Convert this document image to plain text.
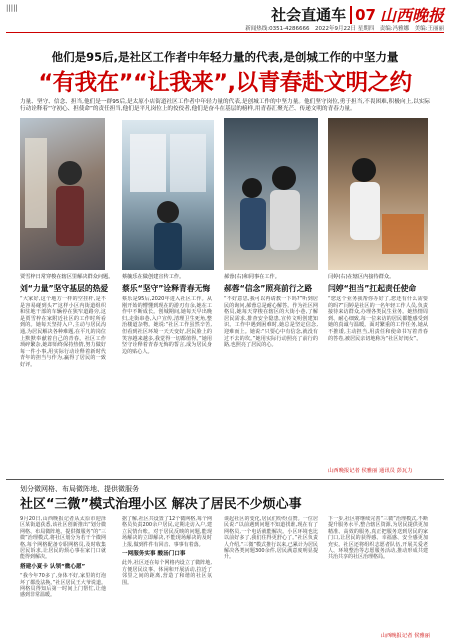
|||||	社会直通车 07 山西晚报
新闻热线:0351-4286666　2022年9月22日 星期四　责编:冯雅娜　美编:王丽丽
他们是95后,是社区工作者中年轻力量的代表,是创城工作的中坚力量
“有我在”“让我来”,以青春赴文明之约
力量、坚守、信念、担当,他们是一群95后,是太原小店街道社区工作者中年轻力量的代表,是创城工作的中坚力量。他们坚守岗位,勇于担当,不畏困难,积极向上,以实际行动诠释着“守初心、担使命”的责任担当,他们是平凡岗位上的佼佼者,他们是奋斗在基层的榜样,用青春汇聚光芒、传递文明的青春力量。
贾雪梓日常穿梭在辖区里解决群众问题。 蔡毓乐在做创建宣传工作。	郝蓉(右)和同事在工作。	闫婷(右)在辖区内接待群众。
刘“力量”坚守基层的热爱 蔡乐“坚守”诠释青春无悔 郝蓉“信念”照亮前行之路 闫婷“担当”扛起责任使命
“大家好,这个地方一样的空挂杆,是不是容易碰到头?”这样小区内街道组织和驻地干部的车辆停在狭窄道路旁,这是贾雪梓在家附近社区的工作时所看到的。她每天坚持入户,主动与居民沟通,为居民解决各种难题,在平凡的岗位上默默奉献着自己的青春。社区工作琐碎繁杂,她却始终保持热情,努力做好每一件小事,用实际行动诠释着新时代青年的担当与作为,赢得了居民的一致好评。
蔡乐是95后,2020年进入社区工作。从刚开始的懵懂到现在的游刃有余,她在工作中不断成长。创城期间,她每天早出晚归,走街串巷,入户宣传,清理卫生死角,整治楼道杂物。她说:“社区工作虽然辛苦,但看到社区环境一天天变好,居民脸上的笑容越来越多,我觉得一切都值得。”她用坚守诠释着青春无悔的誓言,成为居民身边的贴心人。
“不好意思,我可以再请教一下吗?”听到居民的询问,郝蓉总是耐心解答。作为社区网格员,她每天穿梭在辖区的大街小巷,了解居民需求,排查安全隐患,宣传文明创建知识。工作中遇到困难时,她总是坚定信念,迎难而上。她说:“只要心中有信念,就没有过不去的坎。”她用实际行动照亮了前行的路,也照亮了居民的心。
“您这个业务我帮你办好了,您还有什么需要的吗?”闫婷是社区的一名年轻工作人员,负责接待来访群众,办理各类民生业务。她热情周到、耐心细致,每一位来访的居民都能感受到她的真诚与温暖。面对繁重的工作任务,她从不推诿,主动担当,用责任和使命书写着青春的答卷,被居民亲切地称为“社区好闺女”。
山西晚报记者 侯雅丽 通讯员 彭瓦力
划分微网格、布局微阵地、提供微服务
社区“三微”模式治理小区 解决了居民不少烦心事
9月20日,山西晚报记者从太原市迎泽区某街道获悉,该社区创新推出“划分微网格、布局微阵地、提供微服务”的“三微”治理模式,将社区划分为若干个微网格,每个网格配备专职网格员,及时收集居民诉求,让居民的烦心事在家门口就能得到解决。
搭建小夏卡 认领“微心愿”
“我今年70多了,身体不好,家里的灯泡坏了都没法换。”社区居民王大爷说道。网格员得知后第一时间上门帮忙,让他感到非常温暖。
据了解,社区共设置了12个微网格,每个网格员负责200余户居民,定期走访入户,建立民情台账。对于居民反映的问题,能现场解决的立即解决,不能现场解决的及时上报,做到件件有回音、事事有着落。
一网服务实事 酸汤门口事
此外,社区还在每个网格内设立了微阵地,方便居民议事、休闲和开展活动,拉近了邻里之间的距离,营造了和谐的社区氛围。
谈起社区的变化,居民们纷纷点赞。一位居民说:“以前遇到问题不知道找谁,现在有了网格员,一个电话就能解决。小区环境也比以前好多了,我们住得更舒心了。”社区负责人介绍,“三微”模式推行以来,已累计为居民解决各类问题300余件,居民满意度明显提升。
下一步,社区将继续完善“三微”治理模式,不断提升服务水平,整合辖区资源,为居民提供更加精准、高效的服务,真正把服务送到居民的家门口,让居民的获得感、幸福感、安全感更加充实。社区还将组织志愿者队伍,开展关爱老人、环境整治等志愿服务活动,推动形成共建共治共享的社区治理格局。
山西晚报记者 侯雅丽
